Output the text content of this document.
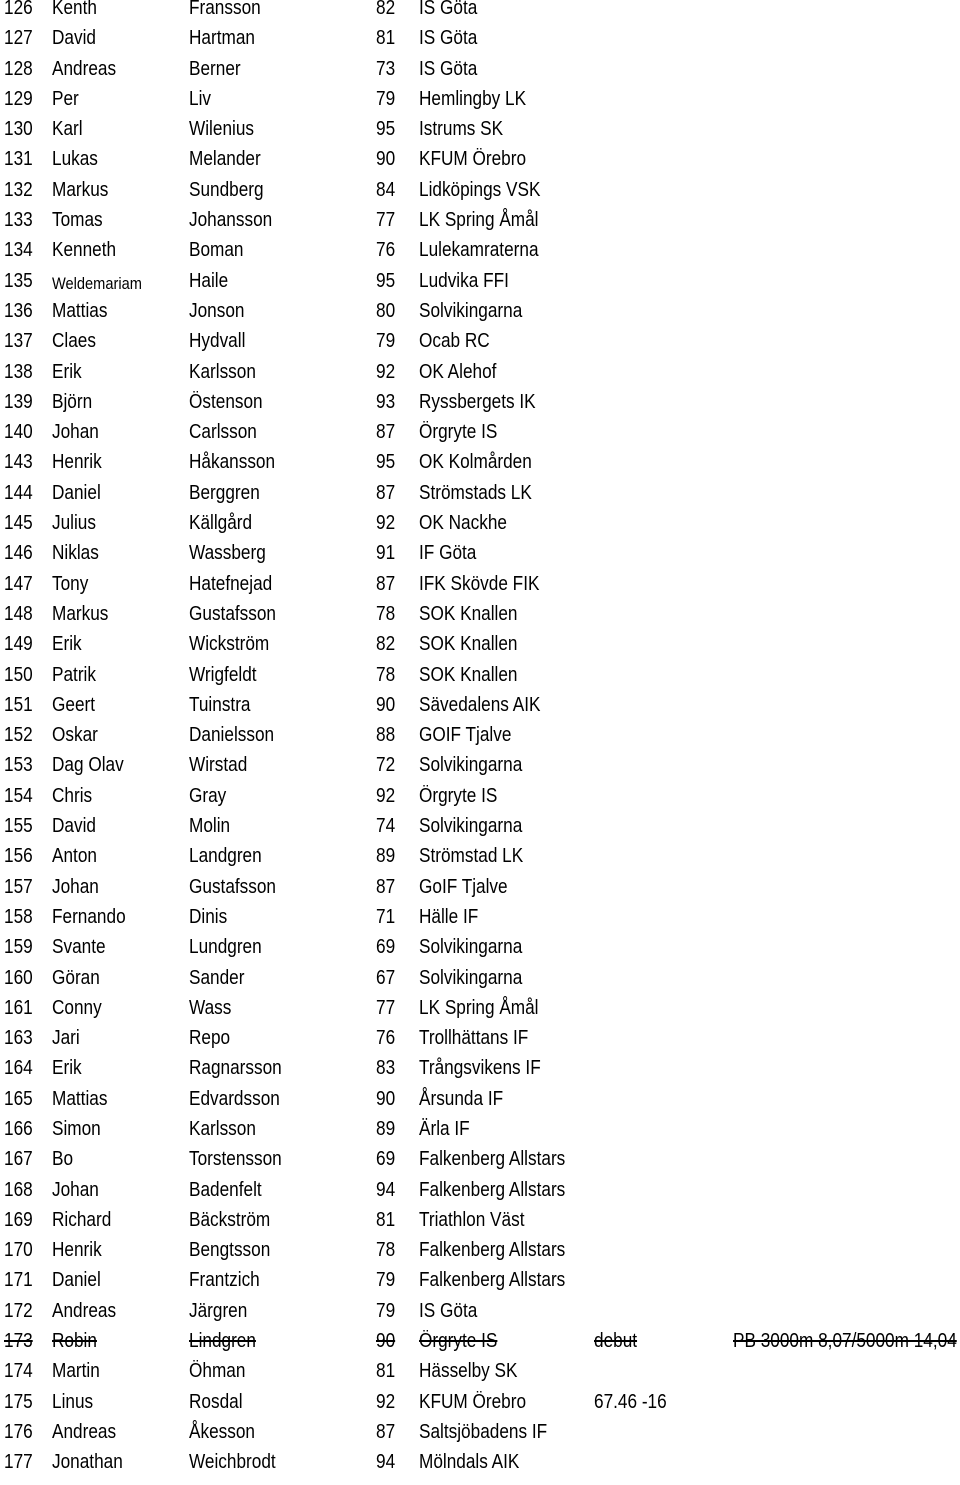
126 Kenth	Fransson	82 IS Göta
127 David	Hartman	81 IS Göta
128 Andreas	Berner	73 IS Göta
129 Per	Liv	79 Hemlingby LK
130 Karl	Wilenius	95 Istrums SK
131 Lukas	Melander	90 KFUM Örebro
132 Markus	Sundberg	84 Lidköpings VSK
133 Tomas	Johansson	77 LK Spring Åmål
134 Kenneth	Boman	76 Lulekamraterna
135 Weldemariam Haile	95 Ludvika FFI
136 Mattias	Jonson	80 Solvikingarna
137 Claes	Hydvall	79 Ocab RC
138 Erik	Karlsson	92 OK Alehof
139 Björn	Östenson	93 Ryssbergets IK
140 Johan	Carlsson	87 Örgryte IS
143 Henrik	Håkansson	95 OK Kolmården
144 Daniel	Berggren	87 Strömstads LK
145 Julius	Källgård	92 OK Nackhe
146 Niklas	Wassberg	91 IF Göta
147 Tony	Hatefnejad	87 IFK Skövde FIK
148 Markus	Gustafsson	78 SOK Knallen
149 Erik	Wickström	82 SOK Knallen
150 Patrik	Wrigfeldt	78 SOK Knallen
151 Geert	Tuinstra	90 Sävedalens AIK
152 Oskar	Danielsson	88 GOIF Tjalve
153 Dag Olav	Wirstad	72 Solvikingarna
154 Chris	Gray	92 Örgryte IS
155 David	Molin	74 Solvikingarna
156 Anton	Landgren	89 Strömstad LK
157 Johan	Gustafsson	87 GoIF Tjalve
158 Fernando	Dinis	71 Hälle IF
159 Svante	Lundgren	69 Solvikingarna
160 Göran	Sander	67 Solvikingarna
161 Conny	Wass	77 LK Spring Åmål
163 Jari	Repo	76 Trollhättans IF
164 Erik	Ragnarsson	83 Trångsvikens IF
165 Mattias	Edvardsson	90 Årsunda IF
166 Simon	Karlsson	89 Ärla IF
167 Bo	Torstensson	69 Falkenberg Allstars
168 Johan	Badenfelt	94 Falkenberg Allstars
169 Richard	Bäckström	81 Triathlon Väst
170 Henrik	Bengtsson	78 Falkenberg Allstars
171 Daniel	Frantzich	79 Falkenberg Allstars
172 Andreas	Järgren	79 IS Göta
173 Robin	Lindgren	90 Örgryte IS	debut	PB 3000m 8,07/5000m 14,04
174 Martin	Öhman	81 Hässelby SK
175 Linus	Rosdal	92 KFUM Örebro	67.46 -16
176 Andreas	Åkesson	87 Saltsjöbadens IF
177 Jonathan	Weichbrodt	94 Mölndals AIK
